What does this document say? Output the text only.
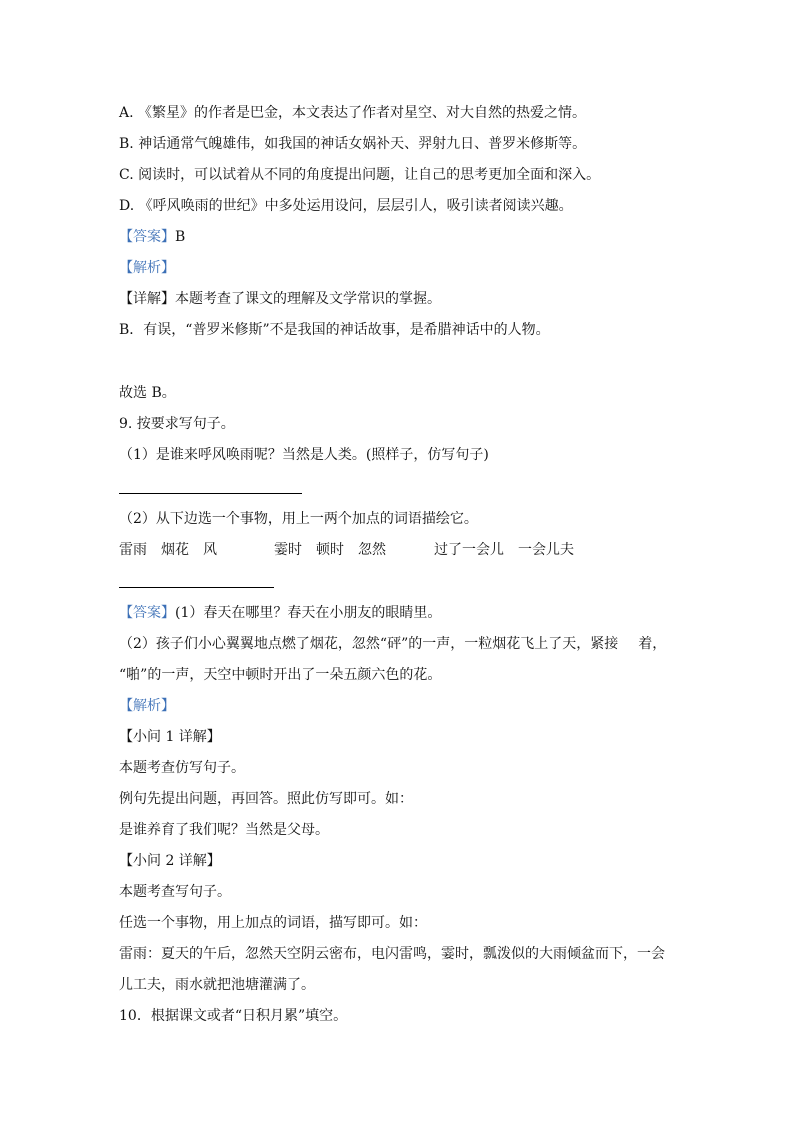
A. 《繁星》的作者是巴金，本文表达了作者对星空、对大自然的热爱之情。
B. 神话通常气魄雄伟，如我国的神话女娲补天、羿射九日、普罗米修斯等。
C. 阅读时，可以试着从不同的角度提出问题，让自己的思考更加全面和深入。
D. 《呼风唤雨的世纪》中多处运用设问，层层引人，吸引读者阅读兴趣。
【答案】B
【解析】
【详解】本题考查了课文的理解及文学常识的掌握。
B．有误，“普罗米修斯”不是我国的神话故事，是希腊神话中的人物。
故选 B。
9. 按要求写句子。
（1）是谁来呼风唤雨呢？当然是人类。(照样子，仿写句子)
（2）从下边选一个事物，用上一两个加点的词语描绘它。
雷雨　烟花　风	霎时　顿时　忽然	过了一会儿　一会儿夫
【答案】(1）春天在哪里？春天在小朋友的眼睛里。
（2）孩子们小心翼翼地点燃了烟花，忽然“砰”的一声，一粒烟花飞上了天，紧接 着，
“啪”的一声，天空中顿时开出了一朵五颜六色的花。
【解析】
【小问 1 详解】
本题考查仿写句子。
例句先提出问题，再回答。照此仿写即可。如：
是谁养育了我们呢？当然是父母。
【小问 2 详解】
本题考查写句子。
任选一个事物，用上加点的词语，描写即可。如：
雷雨：夏天的午后，忽然天空阴云密布，电闪雷鸣，霎时，瓢泼似的大雨倾盆而下，一会
儿工夫，雨水就把池塘灌满了。
10．根据课文或者“日积月累”填空。
